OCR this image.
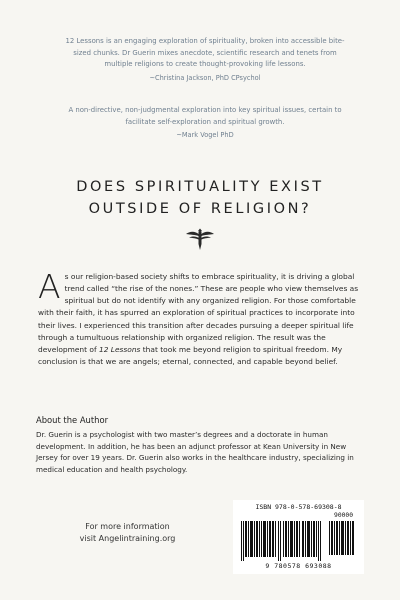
12 Lessons is an engaging exploration of spirituality, broken into accessible bite-sized chunks. Dr Guerin mixes anecdote, scientific research and tenets from multiple religions to create thought-provoking life lessons.
~Christina Jackson, PhD CPsychol
A non-directive, non-judgmental exploration into key spiritual issues, certain to facilitate self-exploration and spiritual growth.
~Mark Vogel PhD
DOES SPIRITUALITY EXIST
OUTSIDE OF RELIGION?
As our religion-based society shifts to embrace spirituality, it is driving a global trend called “the rise of the nones.” These are people who view themselves as spiritual but do not identify with any organized religion. For those comfortable with their faith, it has spurred an exploration of spiritual practices to incorporate into their lives. I experienced this transition after decades pursuing a deeper spiritual life through a tumultuous relationship with organized religion. The result was the development of 12 Lessons that took me beyond religion to spiritual freedom. My conclusion is that we are angels; eternal, connected, and capable beyond belief.
About the Author
Dr. Guerin is a psychologist with two master’s degrees and a doctorate in human development. In addition, he has been an adjunct professor at Kean University in New Jersey for over 19 years. Dr. Guerin also works in the healthcare industry, specializing in medical education and health psychology.
For more information
visit Angelintraining.org
ISBN 978-0-578-69308-8
90000
9 780578 693088
